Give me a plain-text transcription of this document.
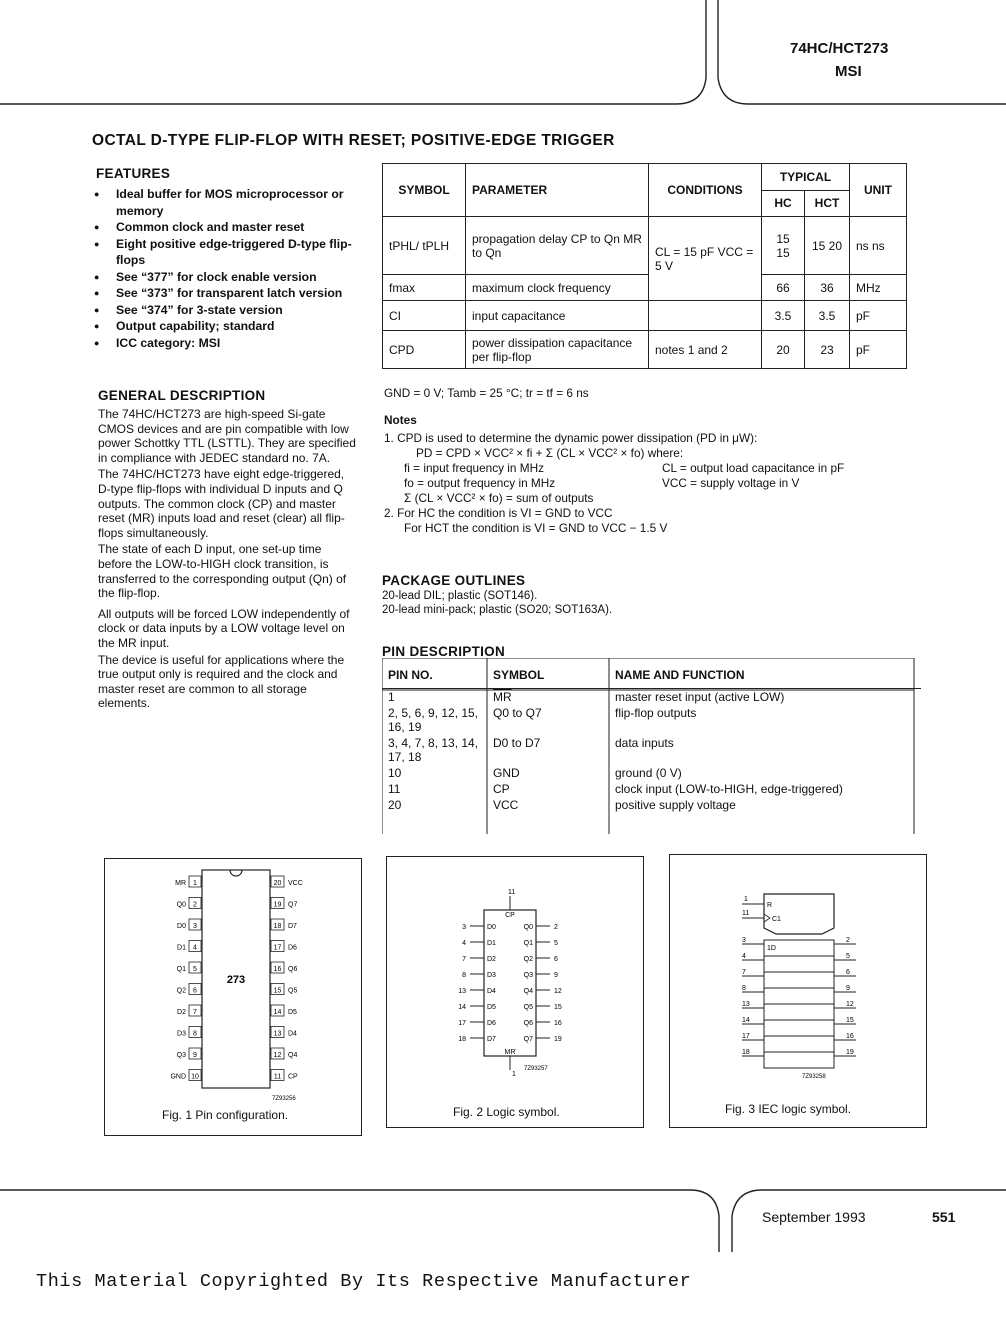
74HC/HCT273
MSI
OCTAL D-TYPE FLIP-FLOP WITH RESET; POSITIVE-EDGE TRIGGER
FEATURES
● Ideal buffer for MOS microprocessor or memory
● Common clock and master reset
● Eight positive edge-triggered D-type flip-flops
● See “377” for clock enable version
● See “373” for transparent latch version
● See “374” for 3-state version
● Output capability; standard
● ICC category: MSI
GENERAL DESCRIPTION

The 74HC/HCT273 are high-speed Si-gate CMOS devices and are pin compatible with low power Schottky TTL (LSTTL). They are specified in compliance with JEDEC standard no. 7A.

The 74HC/HCT273 have eight edge-triggered, D-type flip-flops with individual D inputs and Q outputs. The common clock (CP) and master reset (MR) inputs load and reset (clear) all flip-flops simultaneously.

The state of each D input, one set-up time before the LOW-to-HIGH clock transition, is transferred to the corresponding output (Qn) of the flip-flop.

All outputs will be forced LOW independently of clock or data inputs by a LOW voltage level on the MR input.

The device is useful for applications where the true output only is required and the clock and master reset are common to all storage elements.

SYMBOL	PARAMETER	CONDITIONS	TYPICAL		UNIT
			HC	HCT	
tPHL/ tPLH	propagation delay CP to Qn MR to Qn	CL = 15 pF VCC = 5 V	15 15	15 20	ns ns
fmax	maximum clock frequency		66	36	MHz
CI	input capacitance		3.5	3.5	pF
CPD	power dissipation capacitance per flip-flop	notes 1 and 2	20	23	pF
GND = 0 V; Tamb = 25 °C; tr = tf = 6 ns
Notes
1. CPD is used to determine the dynamic power dissipation (PD in μW):
PD = CPD × VCC² × fi + Σ (CL × VCC² × fo) where:
fi = input frequency in MHz
fo = output frequency in MHz
Σ (CL × VCC² × fo) = sum of outputs
CL = output load capacitance in pF
VCC = supply voltage in V
2. For HC the condition is VI = GND to VCC
For HCT the condition is VI = GND to VCC − 1.5 V
PACKAGE OUTLINES
20-lead DIL; plastic (SOT146).
20-lead mini-pack; plastic (SO20; SOT163A).
PIN DESCRIPTION
PIN NO.	SYMBOL	NAME AND FUNCTION
1	$\overline{MR}$	master reset input (active LOW)
2, 5, 6, 9, 12, 15, 16, 19	Q0 to Q7	flip-flop outputs
3, 4, 7, 8, 13, 14, 17, 18	D0 to D7	data inputs
10	GND	ground (0 V)
11	CP	clock input (LOW-to-HIGH, edge-triggered)
20	VCC	positive supply voltage
273
1
MR	20 VCC
2
Q0	19 Q7
3
D0	18 D7
4
D1	17 D6
5
Q1	16 Q6
6
Q2	15 Q5
7
D2	14 D5
8
D3	13 D4
9
Q3	12 Q4
10
GND	11 CP
7Z93256
Fig. 1 Pin configuration.
11
CP
MR
1
7Z93257
3	D0	2
Q0
4	D1	5
Q1
7	D2	6
Q2
8	D3	9
Q3
13	D4	12
Q4
14	D5	15
Q5
17	D6	16
Q6
18	D7	19
Q7
Fig. 2 Logic symbol.
1
R
11
C1
3	2
4	5
7	6
8	9
13	12
14	15
17	16
18	19
1D
7Z93258
Fig. 3 IEC logic symbol.
September 1993	551
This Material Copyrighted By Its Respective Manufacturer
